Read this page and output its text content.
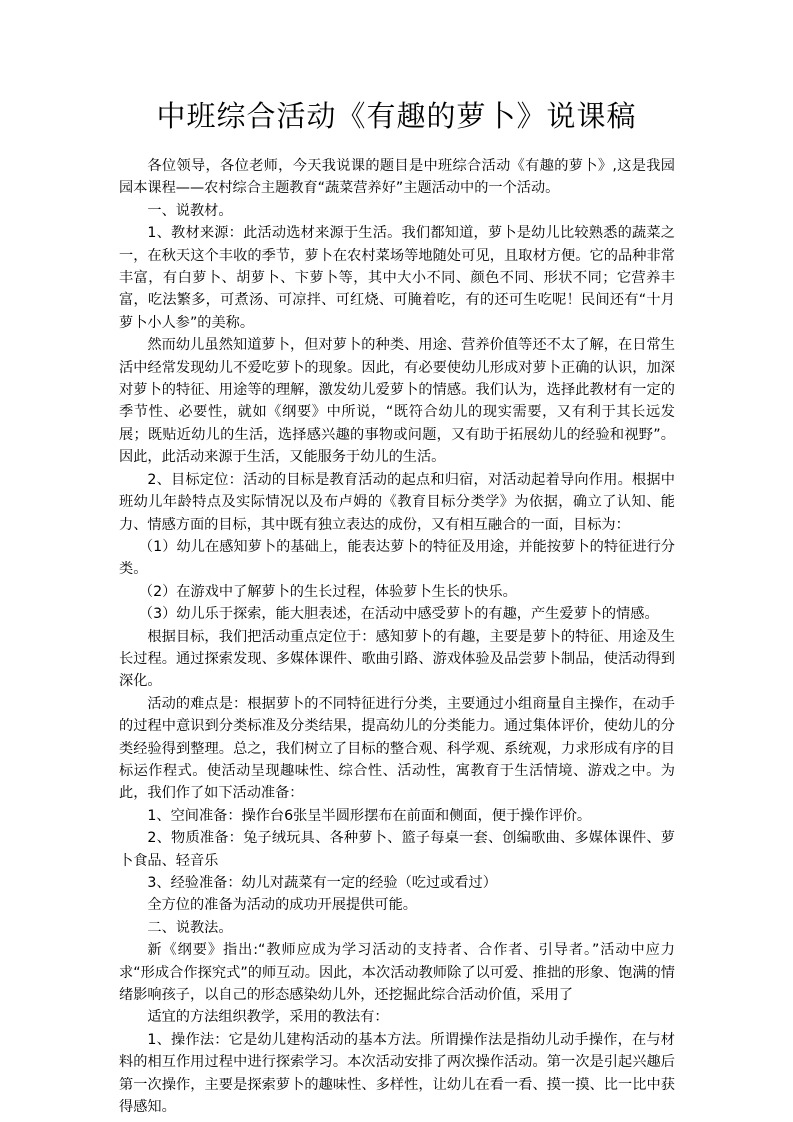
中班综合活动《有趣的萝卜》说课稿

各位领导，各位老师，今天我说课的题目是中班综合活动《有趣的萝卜》,这是我园园本课程——农村综合主题教育“蔬菜营养好”主题活动中的一个活动。

一、说教材。

1、教材来源：此活动选材来源于生活。我们都知道，萝卜是幼儿比较熟悉的蔬菜之一，在秋天这个丰收的季节，萝卜在农村菜场等地随处可见，且取材方便。它的品种非常丰富，有白萝卜、胡萝卜、卞萝卜等，其中大小不同、颜色不同、形状不同；它营养丰富，吃法繁多，可煮汤、可凉拌、可红烧、可腌着吃，有的还可生吃呢！民间还有“十月萝卜小人参”的美称。

然而幼儿虽然知道萝卜，但对萝卜的种类、用途、营养价值等还不太了解，在日常生活中经常发现幼儿不爱吃萝卜的现象。因此，有必要使幼儿形成对萝卜正确的认识，加深对萝卜的特征、用途等的理解，激发幼儿爱萝卜的情感。我们认为，选择此教材有一定的季节性、必要性，就如《纲要》中所说，“既符合幼儿的现实需要，又有利于其长远发展；既贴近幼儿的生活，选择感兴趣的事物或问题，又有助于拓展幼儿的经验和视野”。因此，此活动来源于生活，又能服务于幼儿的生活。

2、目标定位：活动的目标是教育活动的起点和归宿，对活动起着导向作用。根据中班幼儿年龄特点及实际情况以及布卢姆的《教育目标分类学》为依据，确立了认知、能力、情感方面的目标，其中既有独立表达的成份，又有相互融合的一面，目标为：

（1）幼儿在感知萝卜的基础上，能表达萝卜的特征及用途，并能按萝卜的特征进行分类。

（2）在游戏中了解萝卜的生长过程，体验萝卜生长的快乐。

（3）幼儿乐于探索，能大胆表述，在活动中感受萝卜的有趣，产生爱萝卜的情感。

根据目标，我们把活动重点定位于：感知萝卜的有趣，主要是萝卜的特征、用途及生长过程。通过探索发现、多媒体课件、歌曲引路、游戏体验及品尝萝卜制品，使活动得到深化。

活动的难点是：根据萝卜的不同特征进行分类，主要通过小组商量自主操作，在动手的过程中意识到分类标准及分类结果，提高幼儿的分类能力。通过集体评价，使幼儿的分类经验得到整理。总之，我们树立了目标的整合观、科学观、系统观，力求形成有序的目标运作程式。使活动呈现趣味性、综合性、活动性，寓教育于生活情境、游戏之中。为此，我们作了如下活动准备：

1、空间准备：操作台6张呈半圆形摆布在前面和侧面，便于操作评价。

2、物质准备：兔子绒玩具、各种萝卜、篮子每桌一套、创编歌曲、多媒体课件、萝卜食品、轻音乐

3、经验准备：幼儿对蔬菜有一定的经验（吃过或看过）

全方位的准备为活动的成功开展提供可能。

二、说教法。

新《纲要》指出:“教师应成为学习活动的支持者、合作者、引导者。”活动中应力求“形成合作探究式”的师互动。因此，本次活动教师除了以可爱、推拙的形象、饱满的情绪影响孩子，以自己的形态感染幼儿外，还挖掘此综合活动价值，采用了

适宜的方法组织教学，采用的教法有：

1、操作法：它是幼儿建构活动的基本方法。所谓操作法是指幼儿动手操作，在与材料的相互作用过程中进行探索学习。本次活动安排了两次操作活动。第一次是引起兴趣后第一次操作，主要是探索萝卜的趣味性、多样性，让幼儿在看一看、摸一摸、比一比中获得感知。
